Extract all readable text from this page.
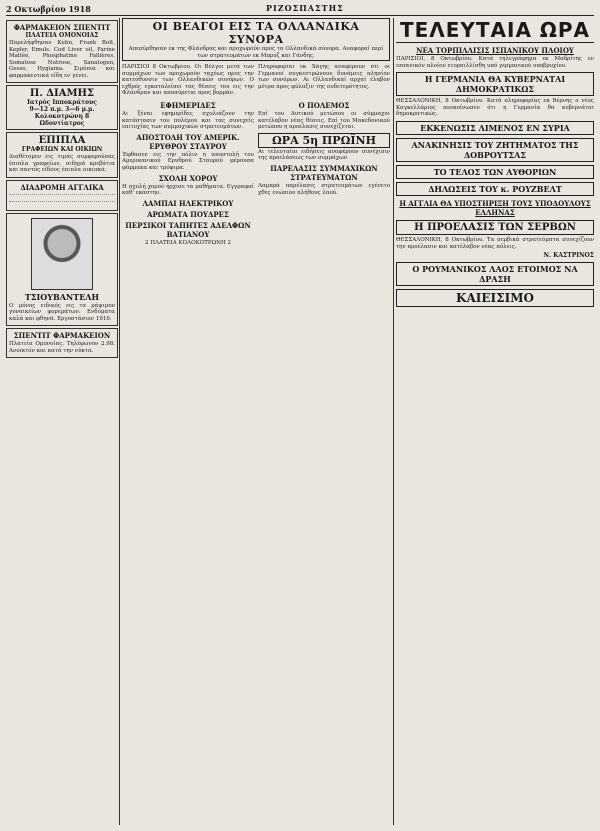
2 Οκτωβρίου 1918	ΡΙΖΟΣΠΑΣΤΗΣ
ΦΑΡΜΑΚΕΙΟΝ ΣΠΕΝΤΙΤ
ΠΛΑΤΕΙΑ ΟΜΟΝΟΙΑΣ

Παρελήφθησαν Kuhn, Frank Bolt, Kepler, Emuls. Cod Liver oil, Farine Maltée, Phosphatine Fallières, Somatose Nutrose, Sanatogen, Gesso, Hygiama. Σιρόπια και φαρμακευτικά είδη εν γένει.

Π. ΔΙΑΜΗΣ
Ιατρός Ιπποκράτους
9—12 π.μ. 3—6 μ.μ.
Κολοκοτρώνη 8
Ωδοντίατρος
ΕΠΙΠΛΑ
ΓΡΑΦΕΙΩΝ ΚΑΙ ΟΙΚΙΩΝ

Διαθέτομεν εις τιμάς συμφερούσας έπιπλα γραφείων, σιδηρά κρεβάτια και παντός είδους έπιπλα οικιακά.

ΔΙΑΔΡΟΜΗ ΑΓΓΛΙΚΑ
ΤΣΙΟΥΒΑΝΤΕΛΗ

Ο μόνος ειδικός εις τα ράψιμον γυναικείων φορεμάτων. Ενδύματα καλά και φθηνά. Εργοστάσιον 1910.

ΣΠΕΝΤΙΤ ΦΑΡΜΑΚΕΙΟΝ

Πλατεία Ομονοίας. Τηλέφωνον 2.98. Ανοικτόν και κατά την νύκτα.

ΟΙ ΒΕΑΓΟΙ ΕΙΣ ΤΑ ΟΛΛΑΝΔΙΚΑ ΣΥΝΟΡΑ
Απεσύρθησαν εκ της Φλάνδρας και προχωρούν προς τα Ολλανδικά σύνορα. Αναφοραί περί των στρατευμάτων εκ Μπρυζ και Γάνδης.

ΠΑΡΙΣΙΟΙ 8 Οκτωβρίου. Οι Βέλγοι μετά των συμμάχων των προχωρούν ταχέως προς την κατεύθυνσιν των Ολλανδικών συνόρων. Ο εχθρός εγκαταλείπει τας θέσεις του εις την Φλάνδραν και αποσύρεται προς βορράν.

Πληροφορίαι εκ Χάγης αναφέρουν ότι οι Γερμανοί συγκεντρώνουν δυνάμεις πλησίον των συνόρων. Αι Ολλανδικαί αρχαί έλαβον μέτρα προς φύλαξιν της ουδετερότητος.

ΕΦΗΜΕΡΙΔΕΣ

Αι ξέναι εφημερίδες σχολιάζουν την κατάστασιν του πολέμου και τας συνεχείς επιτυχίας των συμμαχικών στρατευμάτων.

ΑΠΟΣΤΟΛΗ ΤΟΥ ΑΜΕΡΙΚ. ΕΡΥΘΡΟΥ ΣΤΑΥΡΟΥ

Έφθασεν εις την πόλιν η αποστολή του Αμερικανικού Ερυθρού Σταυρού φέρουσα φάρμακα και τρόφιμα.

ΣΧΟΛΗ ΧΟΡΟΥ

Η σχολή χορού ήρχισε τα μαθήματα. Εγγραφαί καθ' εκάστην.

ΛΑΜΠΑΙ ΗΛΕΚΤΡΙΚΟΥ
ΑΡΩΜΑΤΑ ΠΟΥΔΡΕΣ
ΠΕΡΣΙΚΟΙ ΤΑΠΗΤΕΣ ΑΔΕΛΦΩΝ ΒΑΤΙΑΝΟΥ

2 ΠΛΑΤΕΙΑ ΚΟΛΟΚΟΤΡΩΝΗ 2

Ο ΠΟΛΕΜΟΣ

Επί του Δυτικού μετώπου οι σύμμαχοι κατέλαβον νέας θέσεις. Επί του Μακεδονικού μετώπου η προέλασις συνεχίζεται.

ΩΡΑ 5η ΠΡΩΪΝΗ

Αι τελευταίαι ειδήσεις αναφέρουν συνέχισιν της προελάσεως των συμμάχων.

ΠΑΡΕΛΑΣΙΣ ΣΥΜΜΑΧΙΚΩΝ ΣΤΡΑΤΕΥΜΑΤΩΝ

Λαμπρά παρέλασις στρατευμάτων εγένετο χθες ενώπιον πλήθους λαού.

ΤΕΛΕΥΤΑΙΑ ΩΡΑ
ΝΕΑ ΤΟΡΠΙΛΛΙΣΙΣ ΙΣΠΑΝΙΚΟΥ ΠΛΟΙΟΥ

ΠΑΡΙΣΙΟΙ, 8 Οκτωβρίου. Κατά τηλεγράφημα εκ Μαδρίτης εν ισπανικόν πλοίον ετορπιλλίσθη υπό γερμανικού υποβρυχίου.

Η ΓΕΡΜΑΝΙΑ ΘΑ ΚΥΒΕΡΝΑΤΑΙ ΔΗΜΟΚΡΑΤΙΚΩΣ

ΘΕΣΣΑΛΟΝΙΚΗ, 8 Οκτωβρίου. Κατά πληροφορίας εκ Βέρνης ο νέος Καγκελλάριος ανεκοίνωσεν ότι η Γερμανία θα κυβερνάται δημοκρατικώς.

ΕΚΚΕΝΩΣΙΣ ΛΙΜΕΝΟΣ ΕΝ ΣΥΡΙΑ
ΑΝΑΚΙΝΗΣΙΣ ΤΟΥ ΖΗΤΗΜΑΤΟΣ ΤΗΣ ΔΟΒΡΟΥΤΣΑΣ
ΤΟ ΤΕΛΟΣ ΤΩΝ ΑΥΘΟΡΙΩΝ
ΔΗΛΩΣΕΙΣ ΤΟΥ κ. ΡΟΥΖΒΕΛΤ
Η ΑΓΓΛΙΑ ΘΑ ΥΠΟΣΤΗΡΙΞΗ ΤΟΥΣ ΥΠΟΔΟΥΛΟΥΣ ΕΛΛΗΝΑΣ
Η ΠΡΟΕΛΑΣΙΣ ΤΩΝ ΣΕΡΒΩΝ

ΘΕΣΣΑΛΟΝΙΚΗ, 8 Οκτωβρίου. Τα σερβικά στρατεύματα συνεχίζουν την προέλασιν και κατέλαβον νέας πόλεις.

Ν. ΚΑΣΤΡΙΝΟΣ
Ο ΡΟΥΜΑΝΙΚΟΣ ΛΑΟΣ ΕΤΟΙΜΟΣ ΝΑ ΔΡΑΣΗ
ΚΑΙΕΙΣΙΜΟ
